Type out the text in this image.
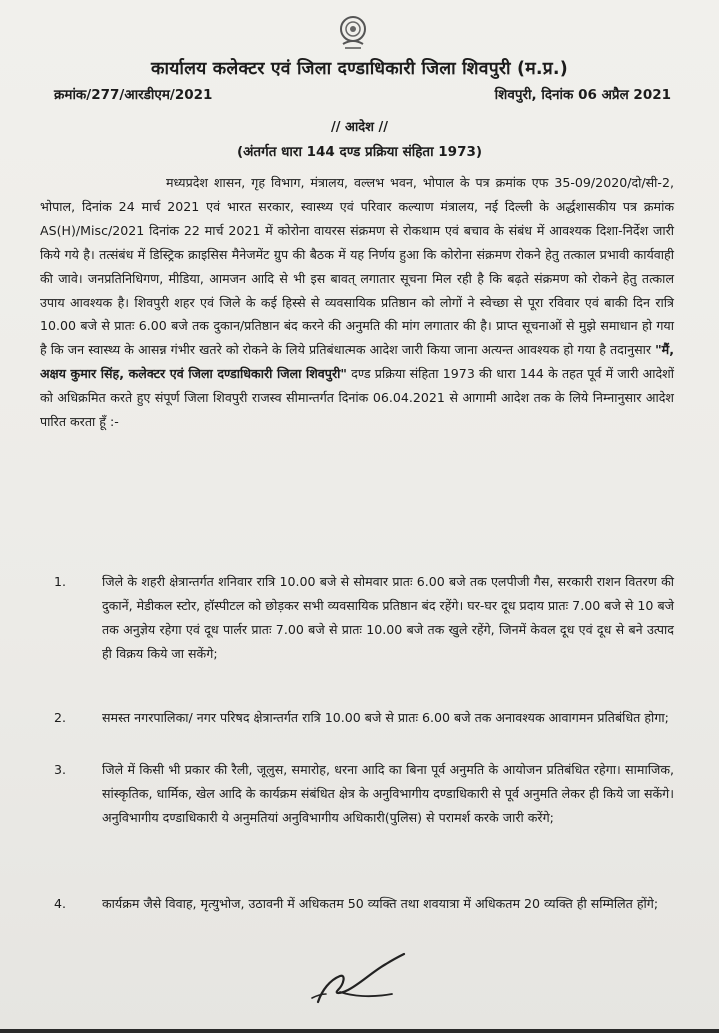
कार्यालय कलेक्टर एवं जिला दण्डाधिकारी जिला शिवपुरी (म.प्र.)
क्रमांक/277/आरडीएम/2021	शिवपुरी, दिनांक 06 अप्रैल 2021
// आदेश //
(अंतर्गत धारा 144 दण्ड प्रक्रिया संहिता 1973)
मध्यप्रदेश शासन, गृह विभाग, मंत्रालय, वल्लभ भवन, भोपाल के पत्र क्रमांक एफ 35-09/2020/दो/सी-2, भोपाल, दिनांक 24 मार्च 2021 एवं भारत सरकार, स्वास्थ्य एवं परिवार कल्याण मंत्रालय, नई दिल्ली के अर्द्धशासकीय पत्र क्रमांक AS(H)/Misc/2021 दिनांक 22 मार्च 2021 में कोरोना वायरस संक्रमण से रोकथाम एवं बचाव के संबंध में आवश्यक दिशा-निर्देश जारी किये गये है। तत्संबंध में डिस्ट्रिक क्राइसिस मैनेजमेंट ग्रुप की बैठक में यह निर्णय हुआ कि कोरोना संक्रमण रोकने हेतु तत्काल प्रभावी कार्यवाही की जावे। जनप्रतिनिधिगण, मीडिया, आमजन आदि से भी इस बावत् लगातार सूचना मिल रही है कि बढ़ते संक्रमण को रोकने हेतु तत्काल उपाय आवश्यक है। शिवपुरी शहर एवं जिले के कई हिस्से से व्यवसायिक प्रतिष्ठान को लोगों ने स्वेच्छा से पूरा रविवार एवं बाकी दिन रात्रि 10.00 बजे से प्रातः 6.00 बजे तक दुकान/प्रतिष्ठान बंद करने की अनुमति की मांग लगातार की है। प्राप्त सूचनाओं से मुझे समाधान हो गया है कि जन स्वास्थ्य के आसन्न गंभीर खतरे को रोकने के लिये प्रतिबंधात्मक आदेश जारी किया जाना अत्यन्त आवश्यक हो गया है तदानुसार "मैं, अक्षय कुमार सिंह, कलेक्टर एवं जिला दण्डाधिकारी जिला शिवपुरी" दण्ड प्रक्रिया संहिता 1973 की धारा 144 के तहत पूर्व में जारी आदेशों को अधिक्रमित करते हुए संपूर्ण जिला शिवपुरी राजस्व सीमान्तर्गत दिनांक 06.04.2021 से आगामी आदेश तक के लिये निम्नानुसार आदेश पारित करता हूँ :-
1.	जिले के शहरी क्षेत्रान्तर्गत शनिवार रात्रि 10.00 बजे से सोमवार प्रातः 6.00 बजे तक एलपीजी गैस, सरकारी राशन वितरण की दुकानें, मेडीकल स्टोर, हॉस्पीटल को छोड़कर सभी व्यवसायिक प्रतिष्ठान बंद रहेंगे। घर-घर दूध प्रदाय प्रातः 7.00 बजे से 10 बजे तक अनुज्ञेय रहेगा एवं दूध पार्लर प्रातः 7.00 बजे से प्रातः 10.00 बजे तक खुले रहेंगे, जिनमें केवल दूध एवं दूध से बने उत्पाद ही विक्रय किये जा सकेंगे;
2.	समस्त नगरपालिका/ नगर परिषद क्षेत्रान्तर्गत रात्रि 10.00 बजे से प्रातः 6.00 बजे तक अनावश्यक आवागमन प्रतिबंधित होगा;
3.	जिले में किसी भी प्रकार की रैली, जूलुस, समारोह, धरना आदि का बिना पूर्व अनुमति के आयोजन प्रतिबंधित रहेगा। सामाजिक, सांस्कृतिक, धार्मिक, खेल आदि के कार्यक्रम संबंधित क्षेत्र के अनुविभागीय दण्डाधिकारी से पूर्व अनुमति लेकर ही किये जा सकेंगे। अनुविभागीय दण्डाधिकारी ये अनुमतियां अनुविभागीय अधिकारी(पुलिस) से परामर्श करके जारी करेंगे;
4.	कार्यक्रम जैसे विवाह, मृत्युभोज, उठावनी में अधिकतम 50 व्यक्ति तथा शवयात्रा में अधिकतम 20 व्यक्ति ही सम्मिलित होंगे;
